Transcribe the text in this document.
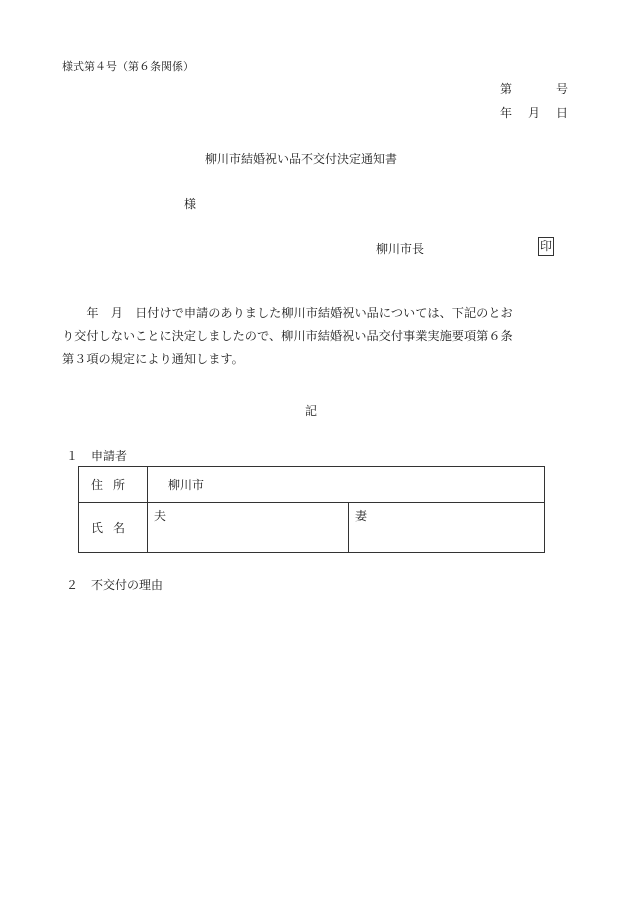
様式第４号（第６条関係）
第	号
年 月 日
柳川市結婚祝い品不交付決定通知書
様
柳川市長	印
　　年　月　日付けで申請のありました柳川市結婚祝い品については、下記のとお
り交付しないことに決定しましたので、柳川市結婚祝い品交付事業実施要項第６条
第３項の規定により通知します。
記
１ 申請者
住所	柳川市	
氏名	夫	妻
２ 不交付の理由
